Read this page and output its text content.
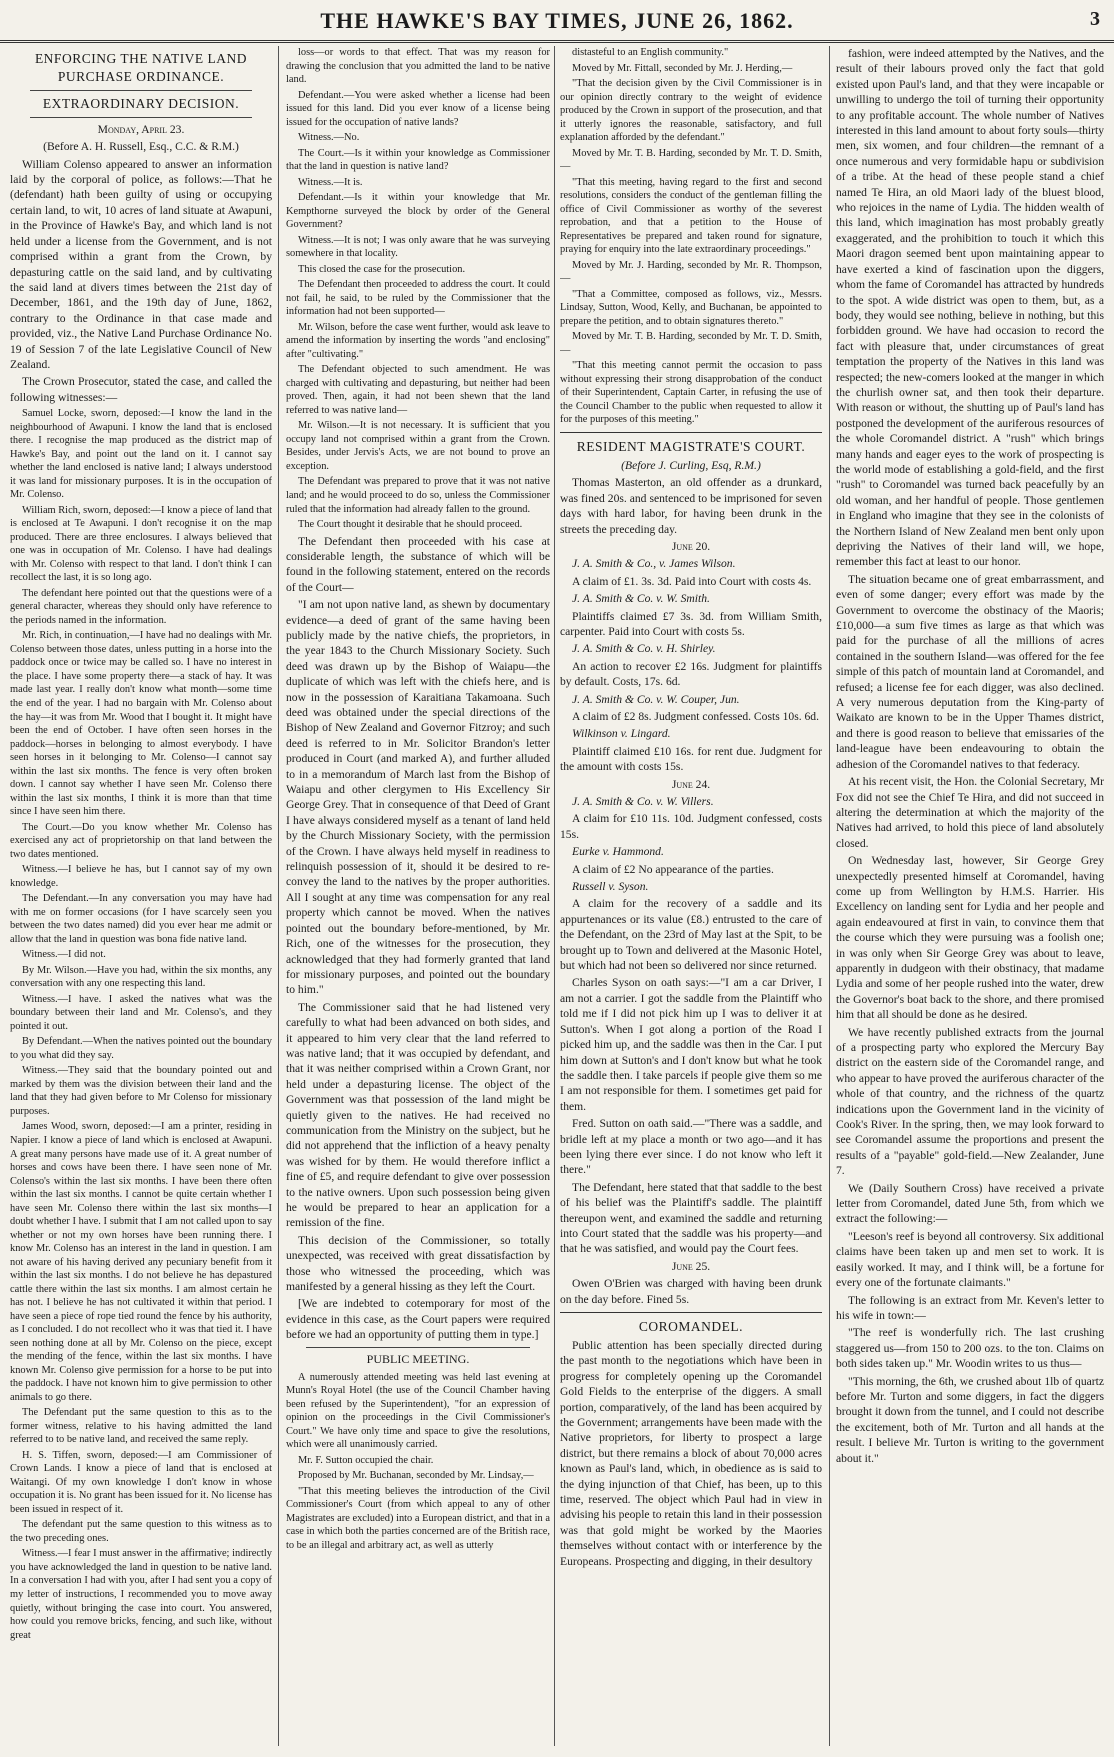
THE HAWKE'S BAY TIMES, JUNE 26, 1862.	3
ENFORCING THE NATIVE LAND PURCHASE ORDINANCE.
EXTRAORDINARY DECISION.

Monday, April 23.

(Before A. H. Russell, Esq., C.C. & R.M.)

William Colenso appeared to answer an information laid by the corporal of police, as follows:—That he (defendant) hath been guilty of using or occupying certain land, to wit, 10 acres of land situate at Awapuni, in the Province of Hawke's Bay, and which land is not held under a license from the Government, and is not comprised within a grant from the Crown, by depasturing cattle on the said land, and by cultivating the said land at divers times between the 21st day of December, 1861, and the 19th day of June, 1862, contrary to the Ordinance in that case made and provided, viz., the Native Land Purchase Ordinance No. 19 of Session 7 of the late Legislative Council of New Zealand.

The Crown Prosecutor, stated the case, and called the following witnesses:—

Samuel Locke, sworn, deposed:—I know the land in the neighbourhood of Awapuni. I know the land that is enclosed there. I recognise the map produced as the district map of Hawke's Bay, and point out the land on it. I cannot say whether the land enclosed is native land; I always understood it was land for missionary purposes. It is in the occupation of Mr. Colenso.

William Rich, sworn, deposed:—I know a piece of land that is enclosed at Te Awapuni. I don't recognise it on the map produced. There are three enclosures. I always believed that one was in occupation of Mr. Colenso. I have had dealings with Mr. Colenso with respect to that land. I don't think I can recollect the last, it is so long ago.

The defendant here pointed out that the questions were of a general character, whereas they should only have reference to the periods named in the information.

Mr. Rich, in continuation,—I have had no dealings with Mr. Colenso between those dates, unless putting in a horse into the paddock once or twice may be called so. I have no interest in the place. I have some property there—a stack of hay. It was made last year. I really don't know what month—some time the end of the year. I had no bargain with Mr. Colenso about the hay—it was from Mr. Wood that I bought it. It might have been the end of October. I have often seen horses in the paddock—horses in belonging to almost everybody. I have seen horses in it belonging to Mr. Colenso—I cannot say within the last six months. The fence is very often broken down. I cannot say whether I have seen Mr. Colenso there within the last six months, I think it is more than that time since I have seen him there.

The Court.—Do you know whether Mr. Colenso has exercised any act of proprietorship on that land between the two dates mentioned.

Witness.—I believe he has, but I cannot say of my own knowledge.

The Defendant.—In any conversation you may have had with me on former occasions (for I have scarcely seen you between the two dates named) did you ever hear me admit or allow that the land in question was bona fide native land.

Witness.—I did not.

By Mr. Wilson.—Have you had, within the six months, any conversation with any one respecting this land.

Witness.—I have. I asked the natives what was the boundary between their land and Mr. Colenso's, and they pointed it out.

By Defendant.—When the natives pointed out the boundary to you what did they say.

Witness.—They said that the boundary pointed out and marked by them was the division between their land and the land that they had given before to Mr Colenso for missionary purposes.

James Wood, sworn, deposed:—I am a printer, residing in Napier. I know a piece of land which is enclosed at Awapuni. A great many persons have made use of it. A great number of horses and cows have been there. I have seen none of Mr. Colenso's within the last six months. I have been there often within the last six months. I cannot be quite certain whether I have seen Mr. Colenso there within the last six months—I doubt whether I have. I submit that I am not called upon to say whether or not my own horses have been running there. I know Mr. Colenso has an interest in the land in question. I am not aware of his having derived any pecuniary benefit from it within the last six months. I do not believe he has depastured cattle there within the last six months. I am almost certain he has not. I believe he has not cultivated it within that period. I have seen a piece of rope tied round the fence by his authority, as I concluded. I do not recollect who it was that tied it. I have seen nothing done at all by Mr. Colenso on the piece, except the mending of the fence, within the last six months. I have known Mr. Colenso give permission for a horse to be put into the paddock. I have not known him to give permission to other animals to go there.

The Defendant put the same question to this as to the former witness, relative to his having admitted the land referred to to be native land, and received the same reply.

H. S. Tiffen, sworn, deposed:—I am Commissioner of Crown Lands. I know a piece of land that is enclosed at Waitangi. Of my own knowledge I don't know in whose occupation it is. No grant has been issued for it. No license has been issued in respect of it.

The defendant put the same question to this witness as to the two preceding ones.

Witness.—I fear I must answer in the affirmative; indirectly you have acknowledged the land in question to be native land. In a conversation I had with you, after I had sent you a copy of my letter of instructions, I recommended you to move away quietly, without bringing the case into court. You answered, how could you remove bricks, fencing, and such like, without great

loss—or words to that effect. That was my reason for drawing the conclusion that you admitted the land to be native land.

Defendant.—You were asked whether a license had been issued for this land. Did you ever know of a license being issued for the occupation of native lands?

Witness.—No.

The Court.—Is it within your knowledge as Commissioner that the land in question is native land?

Witness.—It is.

Defendant.—Is it within your knowledge that Mr. Kempthorne surveyed the block by order of the General Government?

Witness.—It is not; I was only aware that he was surveying somewhere in that locality.

This closed the case for the prosecution.

The Defendant then proceeded to address the court. It could not fail, he said, to be ruled by the Commissioner that the information had not been supported—

Mr. Wilson, before the case went further, would ask leave to amend the information by inserting the words "and enclosing" after "cultivating."

The Defendant objected to such amendment. He was charged with cultivating and depasturing, but neither had been proved. Then, again, it had not been shewn that the land referred to was native land—

Mr. Wilson.—It is not necessary. It is sufficient that you occupy land not comprised within a grant from the Crown. Besides, under Jervis's Acts, we are not bound to prove an exception.

The Defendant was prepared to prove that it was not native land; and he would proceed to do so, unless the Commissioner ruled that the information had already fallen to the ground.

The Court thought it desirable that he should proceed.

The Defendant then proceeded with his case at considerable length, the substance of which will be found in the following statement, entered on the records of the Court—

"I am not upon native land, as shewn by documentary evidence—a deed of grant of the same having been publicly made by the native chiefs, the proprietors, in the year 1843 to the Church Missionary Society. Such deed was drawn up by the Bishop of Waiapu—the duplicate of which was left with the chiefs here, and is now in the possession of Karaitiana Takamoana. Such deed was obtained under the special directions of the Bishop of New Zealand and Governor Fitzroy; and such deed is referred to in Mr. Solicitor Brandon's letter produced in Court (and marked A), and further alluded to in a memorandum of March last from the Bishop of Waiapu and other clergymen to His Excellency Sir George Grey. That in consequence of that Deed of Grant I have always considered myself as a tenant of land held by the Church Missionary Society, with the permission of the Crown. I have always held myself in readiness to relinquish possession of it, should it be desired to re-convey the land to the natives by the proper authorities. All I sought at any time was compensation for any real property which cannot be moved. When the natives pointed out the boundary before-mentioned, by Mr. Rich, one of the witnesses for the prosecution, they acknowledged that they had formerly granted that land for missionary purposes, and pointed out the boundary to him."

The Commissioner said that he had listened very carefully to what had been advanced on both sides, and it appeared to him very clear that the land referred to was native land; that it was occupied by defendant, and that it was neither comprised within a Crown Grant, nor held under a depasturing license. The object of the Government was that possession of the land might be quietly given to the natives. He had received no communication from the Ministry on the subject, but he did not apprehend that the infliction of a heavy penalty was wished for by them. He would therefore inflict a fine of £5, and require defendant to give over possession to the native owners. Upon such possession being given he would be prepared to hear an application for a remission of the fine.

This decision of the Commissioner, so totally unexpected, was received with great dissatisfaction by those who witnessed the proceeding, which was manifested by a general hissing as they left the Court.

[We are indebted to cotemporary for most of the evidence in this case, as the Court papers were required before we had an opportunity of putting them in type.]

PUBLIC MEETING.

A numerously attended meeting was held last evening at Munn's Royal Hotel (the use of the Council Chamber having been refused by the Superintendent), "for an expression of opinion on the proceedings in the Civil Commissioner's Court." We have only time and space to give the resolutions, which were all unanimously carried.

Mr. F. Sutton occupied the chair.

Proposed by Mr. Buchanan, seconded by Mr. Lindsay,—

"That this meeting believes the introduction of the Civil Commissioner's Court (from which appeal to any of other Magistrates are excluded) into a European district, and that in a case in which both the parties concerned are of the British race, to be an illegal and arbitrary act, as well as utterly

distasteful to an English community."

Moved by Mr. Fittall, seconded by Mr. J. Herding,—

"That the decision given by the Civil Commissioner is in our opinion directly contrary to the weight of evidence produced by the Crown in support of the prosecution, and that it utterly ignores the reasonable, satisfactory, and full explanation afforded by the defendant."

Moved by Mr. T. B. Harding, seconded by Mr. T. D. Smith,—

"That this meeting, having regard to the first and second resolutions, considers the conduct of the gentleman filling the office of Civil Commissioner as worthy of the severest reprobation, and that a petition to the House of Representatives be prepared and taken round for signature, praying for enquiry into the late extraordinary proceedings."

Moved by Mr. J. Harding, seconded by Mr. R. Thompson,—

"That a Committee, composed as follows, viz., Messrs. Lindsay, Sutton, Wood, Kelly, and Buchanan, be appointed to prepare the petition, and to obtain signatures thereto."

Moved by Mr. T. B. Harding, seconded by Mr. T. D. Smith,—

"That this meeting cannot permit the occasion to pass without expressing their strong disapprobation of the conduct of their Superintendent, Captain Carter, in refusing the use of the Council Chamber to the public when requested to allow it for the purposes of this meeting."

RESIDENT MAGISTRATE'S COURT.

(Before J. Curling, Esq, R.M.)

Thomas Masterton, an old offender as a drunkard, was fined 20s. and sentenced to be imprisoned for seven days with hard labor, for having been drunk in the streets the preceding day.

June 20.

J. A. Smith & Co., v. James Wilson.

A claim of £1. 3s. 3d. Paid into Court with costs 4s.

J. A. Smith & Co. v. W. Smith.

Plaintiffs claimed £7 3s. 3d. from William Smith, carpenter. Paid into Court with costs 5s.

J. A. Smith & Co. v. H. Shirley.

An action to recover £2 16s. Judgment for plaintiffs by default. Costs, 17s. 6d.

J. A. Smith & Co. v. W. Couper, Jun.

A claim of £2 8s. Judgment confessed. Costs 10s. 6d.

Wilkinson v. Lingard.

Plaintiff claimed £10 16s. for rent due. Judgment for the amount with costs 15s.

June 24.

J. A. Smith & Co. v. W. Villers.

A claim for £10 11s. 10d. Judgment confessed, costs 15s.

Eurke v. Hammond.

A claim of £2 No appearance of the parties.

Russell v. Syson.

A claim for the recovery of a saddle and its appurtenances or its value (£8.) entrusted to the care of the Defendant, on the 23rd of May last at the Spit, to be brought up to Town and delivered at the Masonic Hotel, but which had not been so delivered nor since returned.

Charles Syson on oath says:—"I am a car Driver, I am not a carrier. I got the saddle from the Plaintiff who told me if I did not pick him up I was to deliver it at Sutton's. When I got along a portion of the Road I picked him up, and the saddle was then in the Car. I put him down at Sutton's and I don't know but what he took the saddle then. I take parcels if people give them so me I am not responsible for them. I sometimes get paid for them.

Fred. Sutton on oath said.—"There was a saddle, and bridle left at my place a month or two ago—and it has been lying there ever since. I do not know who left it there."

The Defendant, here stated that that saddle to the best of his belief was the Plaintiff's saddle. The plaintiff thereupon went, and examined the saddle and returning into Court stated that the saddle was his property—and that he was satisfied, and would pay the Court fees.

June 25.

Owen O'Brien was charged with having been drunk on the day before. Fined 5s.

COROMANDEL.

Public attention has been specially directed during the past month to the negotiations which have been in progress for completely opening up the Coromandel Gold Fields to the enterprise of the diggers. A small portion, comparatively, of the land has been acquired by the Government; arrangements have been made with the Native proprietors, for liberty to prospect a large district, but there remains a block of about 70,000 acres known as Paul's land, which, in obedience as is said to the dying injunction of that Chief, has been, up to this time, reserved. The object which Paul had in view in advising his people to retain this land in their possession was that gold might be worked by the Maories themselves without contact with or interference by the Europeans. Prospecting and digging, in their desultory

fashion, were indeed attempted by the Natives, and the result of their labours proved only the fact that gold existed upon Paul's land, and that they were incapable or unwilling to undergo the toil of turning their opportunity to any profitable account. The whole number of Natives interested in this land amount to about forty souls—thirty men, six women, and four children—the remnant of a once numerous and very formidable hapu or subdivision of a tribe. At the head of these people stand a chief named Te Hira, an old Maori lady of the bluest blood, who rejoices in the name of Lydia. The hidden wealth of this land, which imagination has most probably greatly exaggerated, and the prohibition to touch it which this Maori dragon seemed bent upon maintaining appear to have exerted a kind of fascination upon the diggers, whom the fame of Coromandel has attracted by hundreds to the spot. A wide district was open to them, but, as a body, they would see nothing, believe in nothing, but this forbidden ground. We have had occasion to record the fact with pleasure that, under circumstances of great temptation the property of the Natives in this land was respected; the new-comers looked at the manger in which the churlish owner sat, and then took their departure. With reason or without, the shutting up of Paul's land has postponed the development of the auriferous resources of the whole Coromandel district. A "rush" which brings many hands and eager eyes to the work of prospecting is the world mode of establishing a gold-field, and the first "rush" to Coromandel was turned back peacefully by an old woman, and her handful of people. Those gentlemen in England who imagine that they see in the colonists of the Northern Island of New Zealand men bent only upon depriving the Natives of their land will, we hope, remember this fact at least to our honor.

The situation became one of great embarrassment, and even of some danger; every effort was made by the Government to overcome the obstinacy of the Maoris; £10,000—a sum five times as large as that which was paid for the purchase of all the millions of acres contained in the southern Island—was offered for the fee simple of this patch of mountain land at Coromandel, and refused; a license fee for each digger, was also declined. A very numerous deputation from the King-party of Waikato are known to be in the Upper Thames district, and there is good reason to believe that emissaries of the land-league have been endeavouring to obtain the adhesion of the Coromandel natives to that federacy.

At his recent visit, the Hon. the Colonial Secretary, Mr Fox did not see the Chief Te Hira, and did not succeed in altering the determination at which the majority of the Natives had arrived, to hold this piece of land absolutely closed.

On Wednesday last, however, Sir George Grey unexpectedly presented himself at Coromandel, having come up from Wellington by H.M.S. Harrier. His Excellency on landing sent for Lydia and her people and again endeavoured at first in vain, to convince them that the course which they were pursuing was a foolish one; in was only when Sir George Grey was about to leave, apparently in dudgeon with their obstinacy, that madame Lydia and some of her people rushed into the water, drew the Governor's boat back to the shore, and there promised him that all should be done as he desired.

We have recently published extracts from the journal of a prospecting party who explored the Mercury Bay district on the eastern side of the Coromandel range, and who appear to have proved the auriferous character of the whole of that country, and the richness of the quartz indications upon the Government land in the vicinity of Cook's River. In the spring, then, we may look forward to see Coromandel assume the proportions and present the results of a "payable" gold-field.—New Zealander, June 7.

We (Daily Southern Cross) have received a private letter from Coromandel, dated June 5th, from which we extract the following:—

"Leeson's reef is beyond all controversy. Six additional claims have been taken up and men set to work. It is easily worked. It may, and I think will, be a fortune for every one of the fortunate claimants."

The following is an extract from Mr. Keven's letter to his wife in town:—

"The reef is wonderfully rich. The last crushing staggered us—from 150 to 200 ozs. to the ton. Claims on both sides taken up." Mr. Woodin writes to us thus—

"This morning, the 6th, we crushed about 1lb of quartz before Mr. Turton and some diggers, in fact the diggers brought it down from the tunnel, and I could not describe the excitement, both of Mr. Turton and all hands at the result. I believe Mr. Turton is writing to the government about it."
